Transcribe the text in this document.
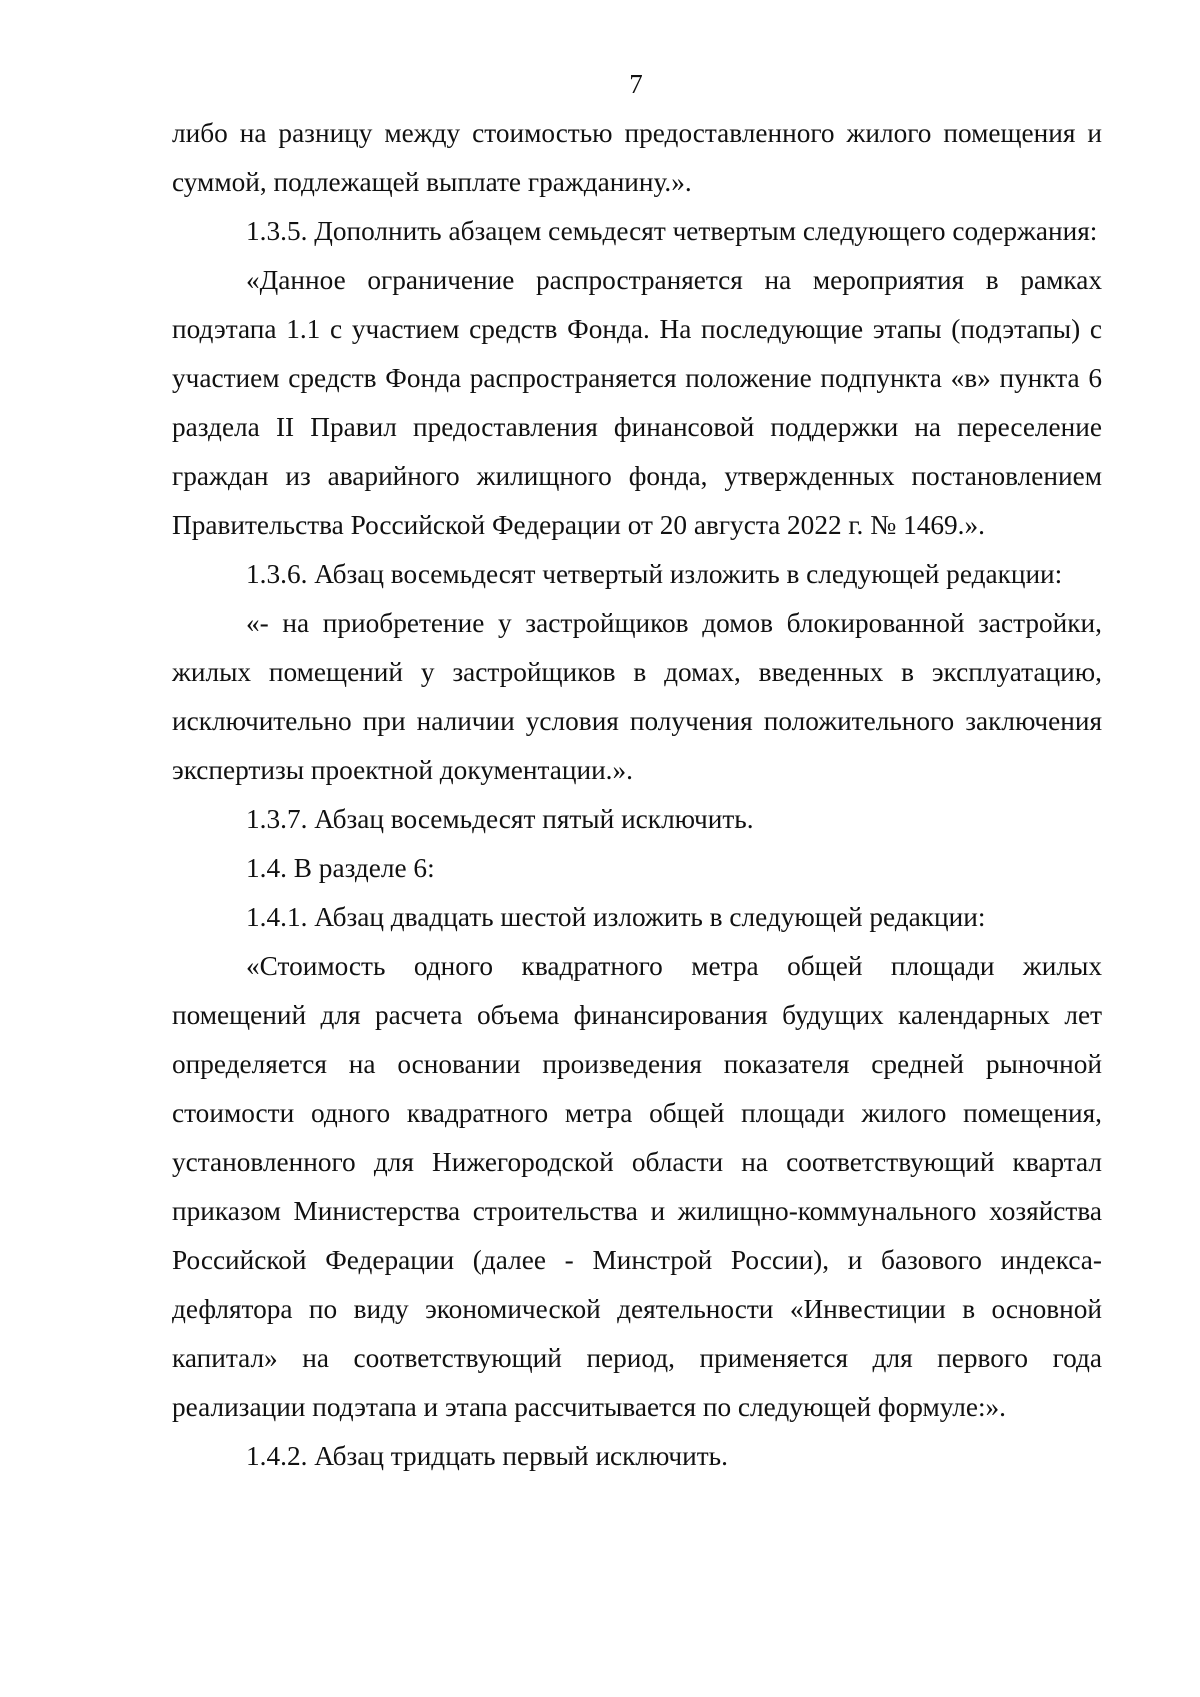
7

либо на разницу между стоимостью предоставленного жилого помещения и суммой, подлежащей выплате гражданину.».

1.3.5. Дополнить абзацем семьдесят четвертым следующего содержания:

«Данное ограничение распространяется на мероприятия в рамках подэтапа 1.1 с участием средств Фонда. На последующие этапы (подэтапы) с участием средств Фонда распространяется положение подпункта «в» пункта 6 раздела II Правил предоставления финансовой поддержки на переселение граждан из аварийного жилищного фонда, утвержденных постановлением Правительства Российской Федерации от 20 августа 2022 г. № 1469.».

1.3.6. Абзац восемьдесят четвертый изложить в следующей редакции:

«- на приобретение у застройщиков домов блокированной застройки, жилых помещений у застройщиков в домах, введенных в эксплуатацию, исключительно при наличии условия получения положительного заключения экспертизы проектной документации.».

1.3.7. Абзац восемьдесят пятый исключить.

1.4. В разделе 6:

1.4.1. Абзац двадцать шестой изложить в следующей редакции:

«Стоимость одного квадратного метра общей площади жилых помещений для расчета объема финансирования будущих календарных лет определяется на основании произведения показателя средней рыночной стоимости одного квадратного метра общей площади жилого помещения, установленного для Нижегородской области на соответствующий квартал приказом Министерства строительства и жилищно-коммунального хозяйства Российской Федерации (далее - Минстрой России), и базового индекса-дефлятора по виду экономической деятельности «Инвестиции в основной капитал» на соответствующий период, применяется для первого года реализации подэтапа и этапа рассчитывается по следующей формуле:».

1.4.2. Абзац тридцать первый исключить.
